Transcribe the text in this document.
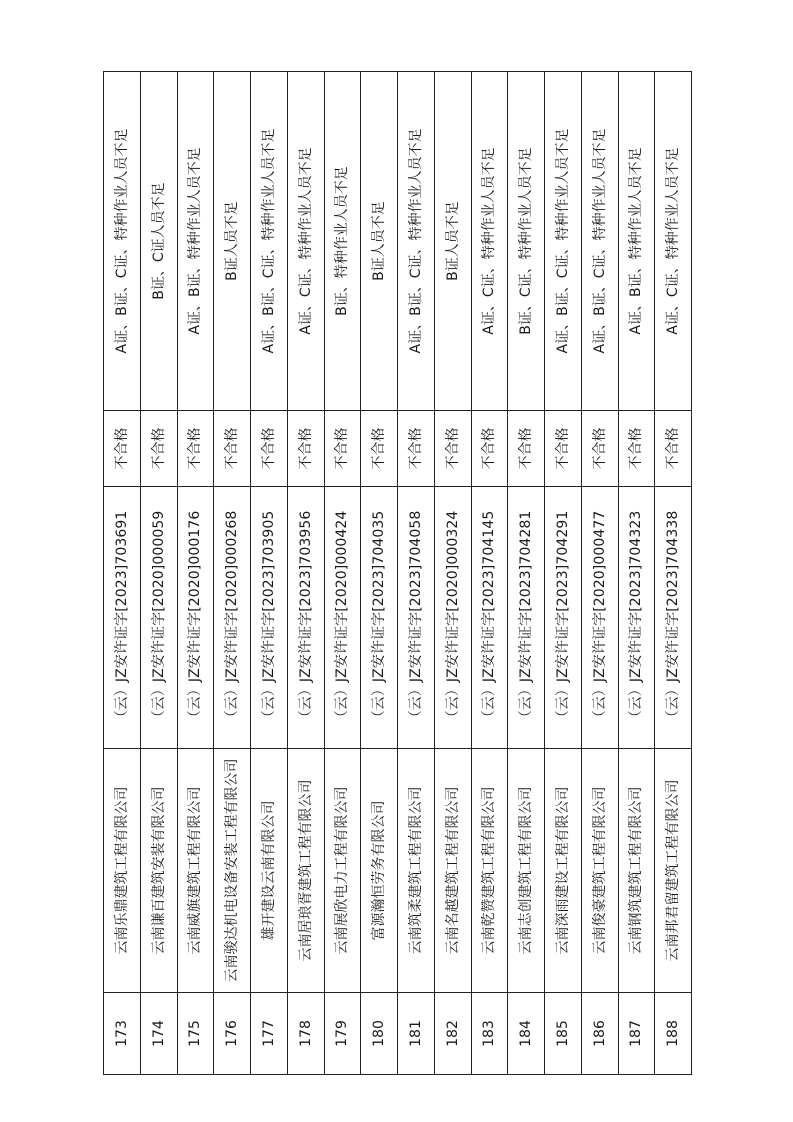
173	云南乐鼎建筑工程有限公司	（云）JZ安许证字[2023]703691	不合格	A证、B证、C证、特种作业人员不足
174	云南谦百建筑安装有限公司	（云）JZ安许证字[2020]000059	不合格	B证、C证人员不足
175	云南威旗建筑工程有限公司	（云）JZ安许证字[2020]000176	不合格	A证、B证、特种作业人员不足
176	云南骏达机电设备安装工程有限公司	（云）JZ安许证字[2020]000268	不合格	B证人员不足
177	雄开建设云南有限公司	（云）JZ安许证字[2023]703905	不合格	A证、B证、C证、特种作业人员不足
178	云南居琅胥建筑工程有限公司	（云）JZ安许证字[2023]703956	不合格	A证、C证、特种作业人员不足
179	云南展欣电力工程有限公司	（云）JZ安许证字[2020]000424	不合格	B证、特种作业人员不足
180	富源瀚恒劳务有限公司	（云）JZ安许证字[2023]704035	不合格	B证人员不足
181	云南筑柔建筑工程有限公司	（云）JZ安许证字[2023]704058	不合格	A证、B证、C证、特种作业人员不足
182	云南名越建筑工程有限公司	（云）JZ安许证字[2020]000324	不合格	B证人员不足
183	云南乾赞建筑工程有限公司	（云）JZ安许证字[2023]704145	不合格	A证、C证、特种作业人员不足
184	云南志创建筑工程有限公司	（云）JZ安许证字[2023]704281	不合格	B证、C证、特种作业人员不足
185	云南深雨建设工程有限公司	（云）JZ安许证字[2023]704291	不合格	A证、B证、C证、特种作业人员不足
186	云南俊豪建筑工程有限公司	（云）JZ安许证字[2020]000477	不合格	A证、B证、C证、特种作业人员不足
187	云南钢筑建筑工程有限公司	（云）JZ安许证字[2023]704323	不合格	A证、B证、特种作业人员不足
188	云南邦君留建筑工程有限公司	（云）JZ安许证字[2023]704338	不合格	A证、C证、特种作业人员不足
